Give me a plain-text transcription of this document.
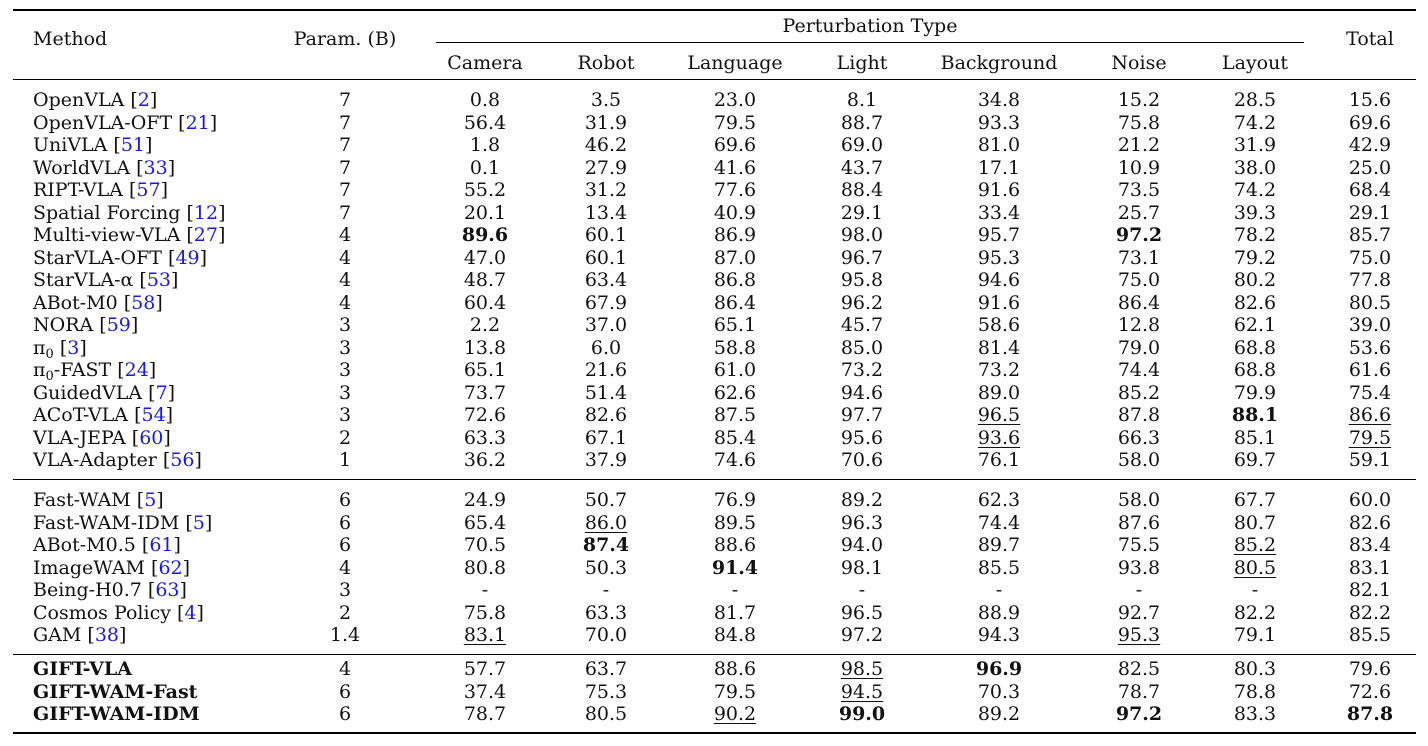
Method	Param. (B)
Perturbation Type
Total
Camera	Robot	Language	Light	Background	Noise	Layout
OpenVLA [2]	7	0.8	3.5	23.0	8.1	34.8	15.2	28.5	15.6
OpenVLA-OFT [21]	7	56.4	31.9	79.5	88.7	93.3	75.8	74.2	69.6
UniVLA [51]	7	1.8	46.2	69.6	69.0	81.0	21.2	31.9	42.9
WorldVLA [33]	7	0.1	27.9	41.6	43.7	17.1	10.9	38.0	25.0
RIPT-VLA [57]	7	55.2	31.2	77.6	88.4	91.6	73.5	74.2	68.4
Spatial Forcing [12]	7	20.1	13.4	40.9	29.1	33.4	25.7	39.3	29.1
Multi-view-VLA [27]	4	89.6	60.1	86.9	98.0	95.7	97.2	78.2	85.7
StarVLA-OFT [49]	4	47.0	60.1	87.0	96.7	95.3	73.1	79.2	75.0
StarVLA-α [53]	4	48.7	63.4	86.8	95.8	94.6	75.0	80.2	77.8
ABot-M0 [58]	4	60.4	67.9	86.4	96.2	91.6	86.4	82.6	80.5
NORA [59]	3	2.2	37.0	65.1	45.7	58.6	12.8	62.1	39.0
$\pi_0$ [3]	3	13.8	6.0	58.8	85.0	81.4	79.0	68.8	53.6
$\pi_0$-FAST [24]	3	65.1	21.6	61.0	73.2	73.2	74.4	68.8	61.6
GuidedVLA [7]	3	73.7	51.4	62.6	94.6	89.0	85.2	79.9	75.4
ACoT-VLA [54]	3	72.6	82.6	87.5	97.7	96.5	87.8	88.1	86.6
VLA-JEPA [60]	2	63.3	67.1	85.4	95.6	93.6	66.3	85.1	79.5
VLA-Adapter [56]	1	36.2	37.9	74.6	70.6	76.1	58.0	69.7	59.1
Fast-WAM [5]	6	24.9	50.7	76.9	89.2	62.3	58.0	67.7	60.0
Fast-WAM-IDM [5]	6	65.4	86.0	89.5	96.3	74.4	87.6	80.7	82.6
ABot-M0.5 [61]	6	70.5	87.4	88.6	94.0	89.7	75.5	85.2	83.4
ImageWAM [62]	4	80.8	50.3	91.4	98.1	85.5	93.8	80.5	83.1
Being-H0.7 [63]	3	-	-	-	-	-	-	-	82.1
Cosmos Policy [4]	2	75.8	63.3	81.7	96.5	88.9	92.7	82.2	82.2
GAM [38]	1.4	83.1	70.0	84.8	97.2	94.3	95.3	79.1	85.5
GIFT-VLA	4	57.7	63.7	88.6	98.5	96.9	82.5	80.3	79.6
GIFT-WAM-Fast	6	37.4	75.3	79.5	94.5	70.3	78.7	78.8	72.6
GIFT-WAM-IDM	6	78.7	80.5	90.2	99.0	89.2	97.2	83.3	87.8
